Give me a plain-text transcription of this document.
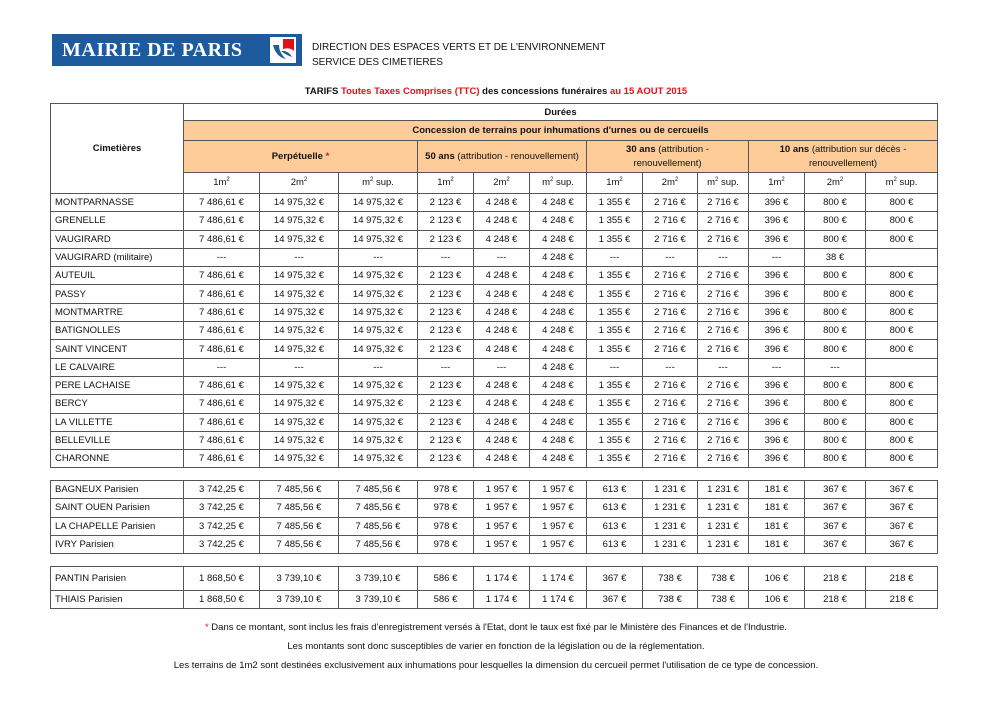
MAIRIE DE PARIS	DIRECTION DES ESPACES VERTS ET DE L'ENVIRONNEMENT
SERVICE DES CIMETIERES
TARIFS Toutes Taxes Comprises (TTC) des concessions funéraires au 15 AOUT 2015
Cimetières	Durées											
	Concession de terrains pour inhumations d'urnes ou de cercueils											
	Perpétuelle *			50 ans (attribution - renouvellement)			30 ans (attribution - renouvellement)			10 ans (attribution sur décès - renouvellement)		
	$1m^2$	$2m^2$	$m^2$ sup.	$1m^2$	$2m^2$	$m^2$ sup.	$1m^2$	$2m^2$	$m^2$ sup.	$1m^2$	$2m^2$	$m^2$ sup.
MONTPARNASSE	7 486,61 €	14 975,32 €	14 975,32 €	2 123 €	4 248 €	4 248 €	1 355 €	2 716 €	2 716 €	396 €	800 €	800 €
GRENELLE	7 486,61 €	14 975,32 €	14 975,32 €	2 123 €	4 248 €	4 248 €	1 355 €	2 716 €	2 716 €	396 €	800 €	800 €
VAUGIRARD	7 486,61 €	14 975,32 €	14 975,32 €	2 123 €	4 248 €	4 248 €	1 355 €	2 716 €	2 716 €	396 €	800 €	800 €
VAUGIRARD (militaire)	---	---	---	---	---	4 248 €	---	---	---	---	38 €	
AUTEUIL	7 486,61 €	14 975,32 €	14 975,32 €	2 123 €	4 248 €	4 248 €	1 355 €	2 716 €	2 716 €	396 €	800 €	800 €
PASSY	7 486,61 €	14 975,32 €	14 975,32 €	2 123 €	4 248 €	4 248 €	1 355 €	2 716 €	2 716 €	396 €	800 €	800 €
MONTMARTRE	7 486,61 €	14 975,32 €	14 975,32 €	2 123 €	4 248 €	4 248 €	1 355 €	2 716 €	2 716 €	396 €	800 €	800 €
BATIGNOLLES	7 486,61 €	14 975,32 €	14 975,32 €	2 123 €	4 248 €	4 248 €	1 355 €	2 716 €	2 716 €	396 €	800 €	800 €
SAINT VINCENT	7 486,61 €	14 975,32 €	14 975,32 €	2 123 €	4 248 €	4 248 €	1 355 €	2 716 €	2 716 €	396 €	800 €	800 €
LE CALVAIRE	---	---	---	---	---	4 248 €	---	---	---	---	---	
PERE LACHAISE	7 486,61 €	14 975,32 €	14 975,32 €	2 123 €	4 248 €	4 248 €	1 355 €	2 716 €	2 716 €	396 €	800 €	800 €
BERCY	7 486,61 €	14 975,32 €	14 975,32 €	2 123 €	4 248 €	4 248 €	1 355 €	2 716 €	2 716 €	396 €	800 €	800 €
LA VILLETTE	7 486,61 €	14 975,32 €	14 975,32 €	2 123 €	4 248 €	4 248 €	1 355 €	2 716 €	2 716 €	396 €	800 €	800 €
BELLEVILLE	7 486,61 €	14 975,32 €	14 975,32 €	2 123 €	4 248 €	4 248 €	1 355 €	2 716 €	2 716 €	396 €	800 €	800 €
CHARONNE	7 486,61 €	14 975,32 €	14 975,32 €	2 123 €	4 248 €	4 248 €	1 355 €	2 716 €	2 716 €	396 €	800 €	800 €
BAGNEUX Parisien	3 742,25 €	7 485,56 €	7 485,56 €	978 €	1 957 €	1 957 €	613 €	1 231 €	1 231 €	181 €	367 €	367 €
SAINT OUEN Parisien	3 742,25 €	7 485,56 €	7 485,56 €	978 €	1 957 €	1 957 €	613 €	1 231 €	1 231 €	181 €	367 €	367 €
LA CHAPELLE Parisien	3 742,25 €	7 485,56 €	7 485,56 €	978 €	1 957 €	1 957 €	613 €	1 231 €	1 231 €	181 €	367 €	367 €
IVRY Parisien	3 742,25 €	7 485,56 €	7 485,56 €	978 €	1 957 €	1 957 €	613 €	1 231 €	1 231 €	181 €	367 €	367 €
PANTIN Parisien	1 868,50 €	3 739,10 €	3 739,10 €	586 €	1 174 €	1 174 €	367 €	738 €	738 €	106 €	218 €	218 €
THIAIS Parisien	1 868,50 €	3 739,10 €	3 739,10 €	586 €	1 174 €	1 174 €	367 €	738 €	738 €	106 €	218 €	218 €
* Dans ce montant, sont inclus les frais d'enregistrement versés à l'Etat, dont le taux est fixé par le Ministère des Finances et de l'Industrie.
Les montants sont donc susceptibles de varier en fonction de la législation ou de la réglementation.
Les terrains de 1m2 sont destinées exclusivement aux inhumations pour lesquelles la dimension du cercueil permet l'utilisation de ce type de concession.
